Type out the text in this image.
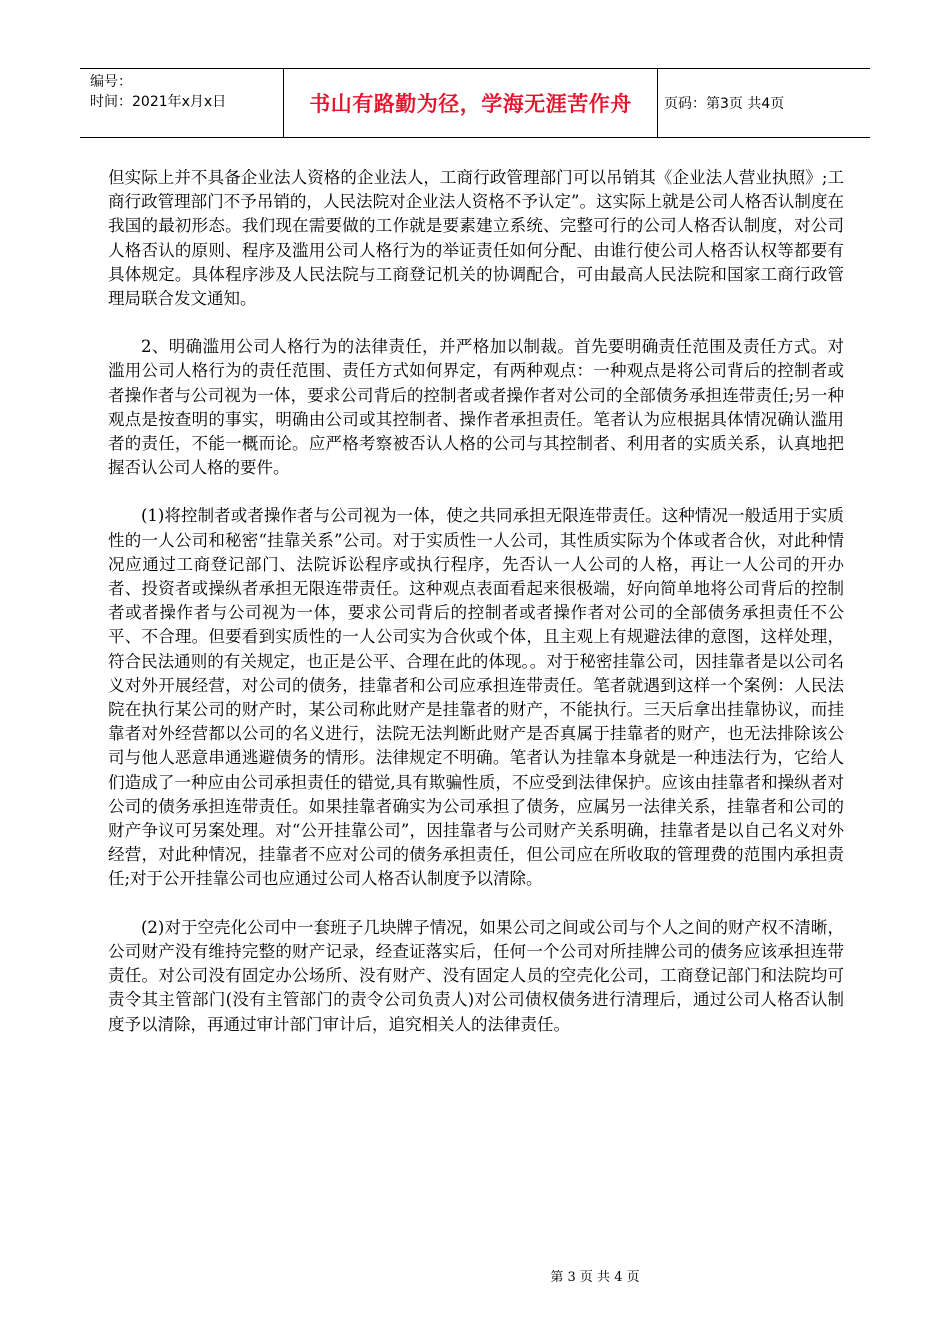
编号：
时间：2021年x月x日	书山有路勤为径，学海无涯苦作舟	页码：第3页 共4页

但实际上并不具备企业法人资格的企业法人，工商行政管理部门可以吊销其《企业法人营业执照》;工商行政管理部门不予吊销的，人民法院对企业法人资格不予认定”。这实际上就是公司人格否认制度在我国的最初形态。我们现在需要做的工作就是要素建立系统、完整可行的公司人格否认制度，对公司人格否认的原则、程序及滥用公司人格行为的举证责任如何分配、由谁行使公司人格否认权等都要有具体规定。具体程序涉及人民法院与工商登记机关的协调配合，可由最高人民法院和国家工商行政管理局联合发文通知。

2、明确滥用公司人格行为的法律责任，并严格加以制裁。首先要明确责任范围及责任方式。对滥用公司人格行为的责任范围、责任方式如何界定，有两种观点：一种观点是将公司背后的控制者或者操作者与公司视为一体，要求公司背后的控制者或者操作者对公司的全部债务承担连带责任;另一种观点是按查明的事实，明确由公司或其控制者、操作者承担责任。笔者认为应根据具体情况确认滥用者的责任，不能一概而论。应严格考察被否认人格的公司与其控制者、利用者的实质关系，认真地把握否认公司人格的要件。

(1)将控制者或者操作者与公司视为一体，使之共同承担无限连带责任。这种情况一般适用于实质性的一人公司和秘密“挂靠关系”公司。对于实质性一人公司，其性质实际为个体或者合伙，对此种情况应通过工商登记部门、法院诉讼程序或执行程序，先否认一人公司的人格，再让一人公司的开办者、投资者或操纵者承担无限连带责任。这种观点表面看起来很极端，好向简单地将公司背后的控制者或者操作者与公司视为一体，要求公司背后的控制者或者操作者对公司的全部债务承担责任不公平、不合理。但要看到实质性的一人公司实为合伙或个体，且主观上有规避法律的意图，这样处理，符合民法通则的有关规定，也正是公平、合理在此的体现。。对于秘密挂靠公司，因挂靠者是以公司名义对外开展经营，对公司的债务，挂靠者和公司应承担连带责任。笔者就遇到这样一个案例：人民法院在执行某公司的财产时，某公司称此财产是挂靠者的财产，不能执行。三天后拿出挂靠协议，而挂靠者对外经营都以公司的名义进行，法院无法判断此财产是否真属于挂靠者的财产，也无法排除该公司与他人恶意串通逃避债务的情形。法律规定不明确。笔者认为挂靠本身就是一种违法行为，它给人们造成了一种应由公司承担责任的错觉,具有欺骗性质，不应受到法律保护。应该由挂靠者和操纵者对公司的债务承担连带责任。如果挂靠者确实为公司承担了债务，应属另一法律关系，挂靠者和公司的财产争议可另案处理。对“公开挂靠公司”，因挂靠者与公司财产关系明确，挂靠者是以自己名义对外经营，对此种情况，挂靠者不应对公司的债务承担责任，但公司应在所收取的管理费的范围内承担责任;对于公开挂靠公司也应通过公司人格否认制度予以清除。

(2)对于空壳化公司中一套班子几块牌子情况，如果公司之间或公司与个人之间的财产权不清晰，公司财产没有维持完整的财产记录，经查证落实后，任何一个公司对所挂牌公司的债务应该承担连带责任。对公司没有固定办公场所、没有财产、没有固定人员的空壳化公司，工商登记部门和法院均可责令其主管部门(没有主管部门的责令公司负责人)对公司债权债务进行清理后，通过公司人格否认制度予以清除，再通过审计部门审计后，追究相关人的法律责任。

第 3 页 共 4 页
